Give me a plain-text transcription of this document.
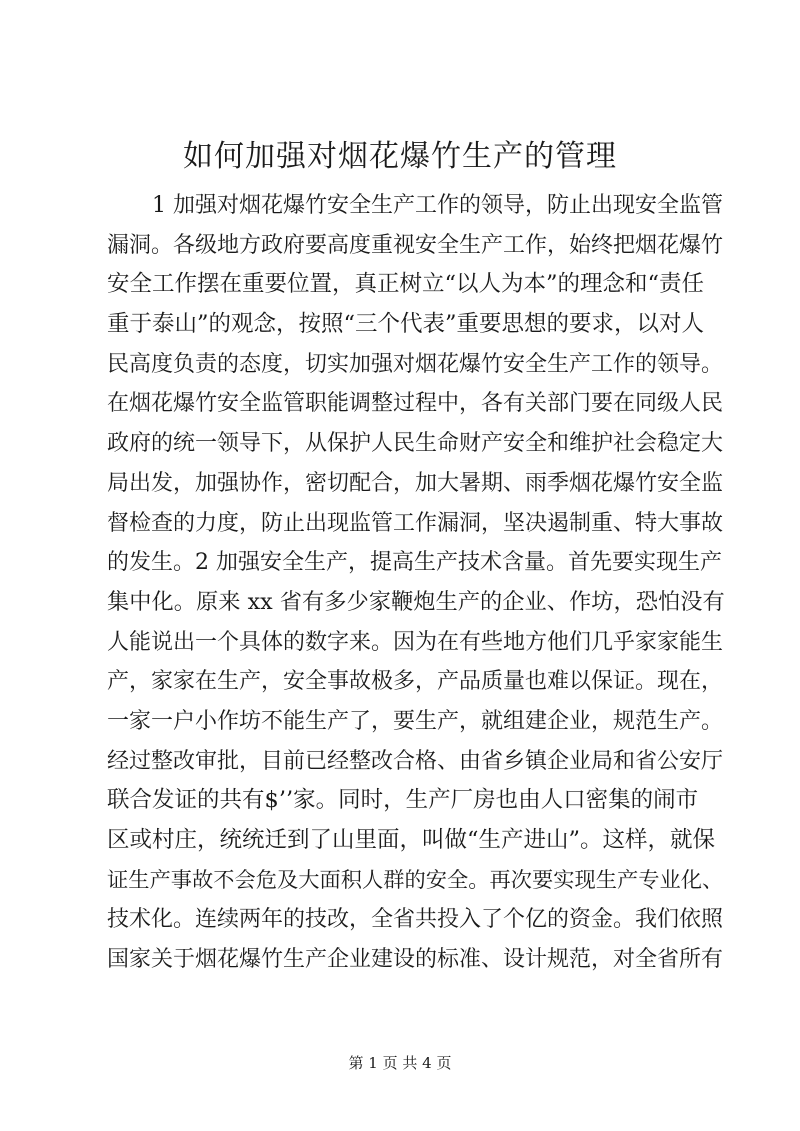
如何加强对烟花爆竹生产的管理
1 加强对烟花爆竹安全生产工作的领导，防止出现安全监管
漏洞。各级地方政府要高度重视安全生产工作，始终把烟花爆竹
安全工作摆在重要位置，真正树立“以人为本”的理念和“责任
重于泰山”的观念，按照“三个代表”重要思想的要求，以对人
民高度负责的态度，切实加强对烟花爆竹安全生产工作的领导。
在烟花爆竹安全监管职能调整过程中，各有关部门要在同级人民
政府的统一领导下，从保护人民生命财产安全和维护社会稳定大
局出发，加强协作，密切配合，加大暑期、雨季烟花爆竹安全监
督检查的力度，防止出现监管工作漏洞，坚决遏制重、特大事故
的发生。2 加强安全生产，提高生产技术含量。首先要实现生产
集中化。原来 xx 省有多少家鞭炮生产的企业、作坊，恐怕没有
人能说出一个具体的数字来。因为在有些地方他们几乎家家能生
产，家家在生产，安全事故极多，产品质量也难以保证。现在，
一家一户小作坊不能生产了，要生产，就组建企业，规范生产。
经过整改审批，目前已经整改合格、由省乡镇企业局和省公安厅
联合发证的共有$’’家。同时，生产厂房也由人口密集的闹市
区或村庄，统统迁到了山里面，叫做“生产进山”。这样，就保
证生产事故不会危及大面积人群的安全。再次要实现生产专业化、
技术化。连续两年的技改，全省共投入了个亿的资金。我们依照
国家关于烟花爆竹生产企业建设的标准、设计规范，对全省所有
第 1 页 共 4 页
